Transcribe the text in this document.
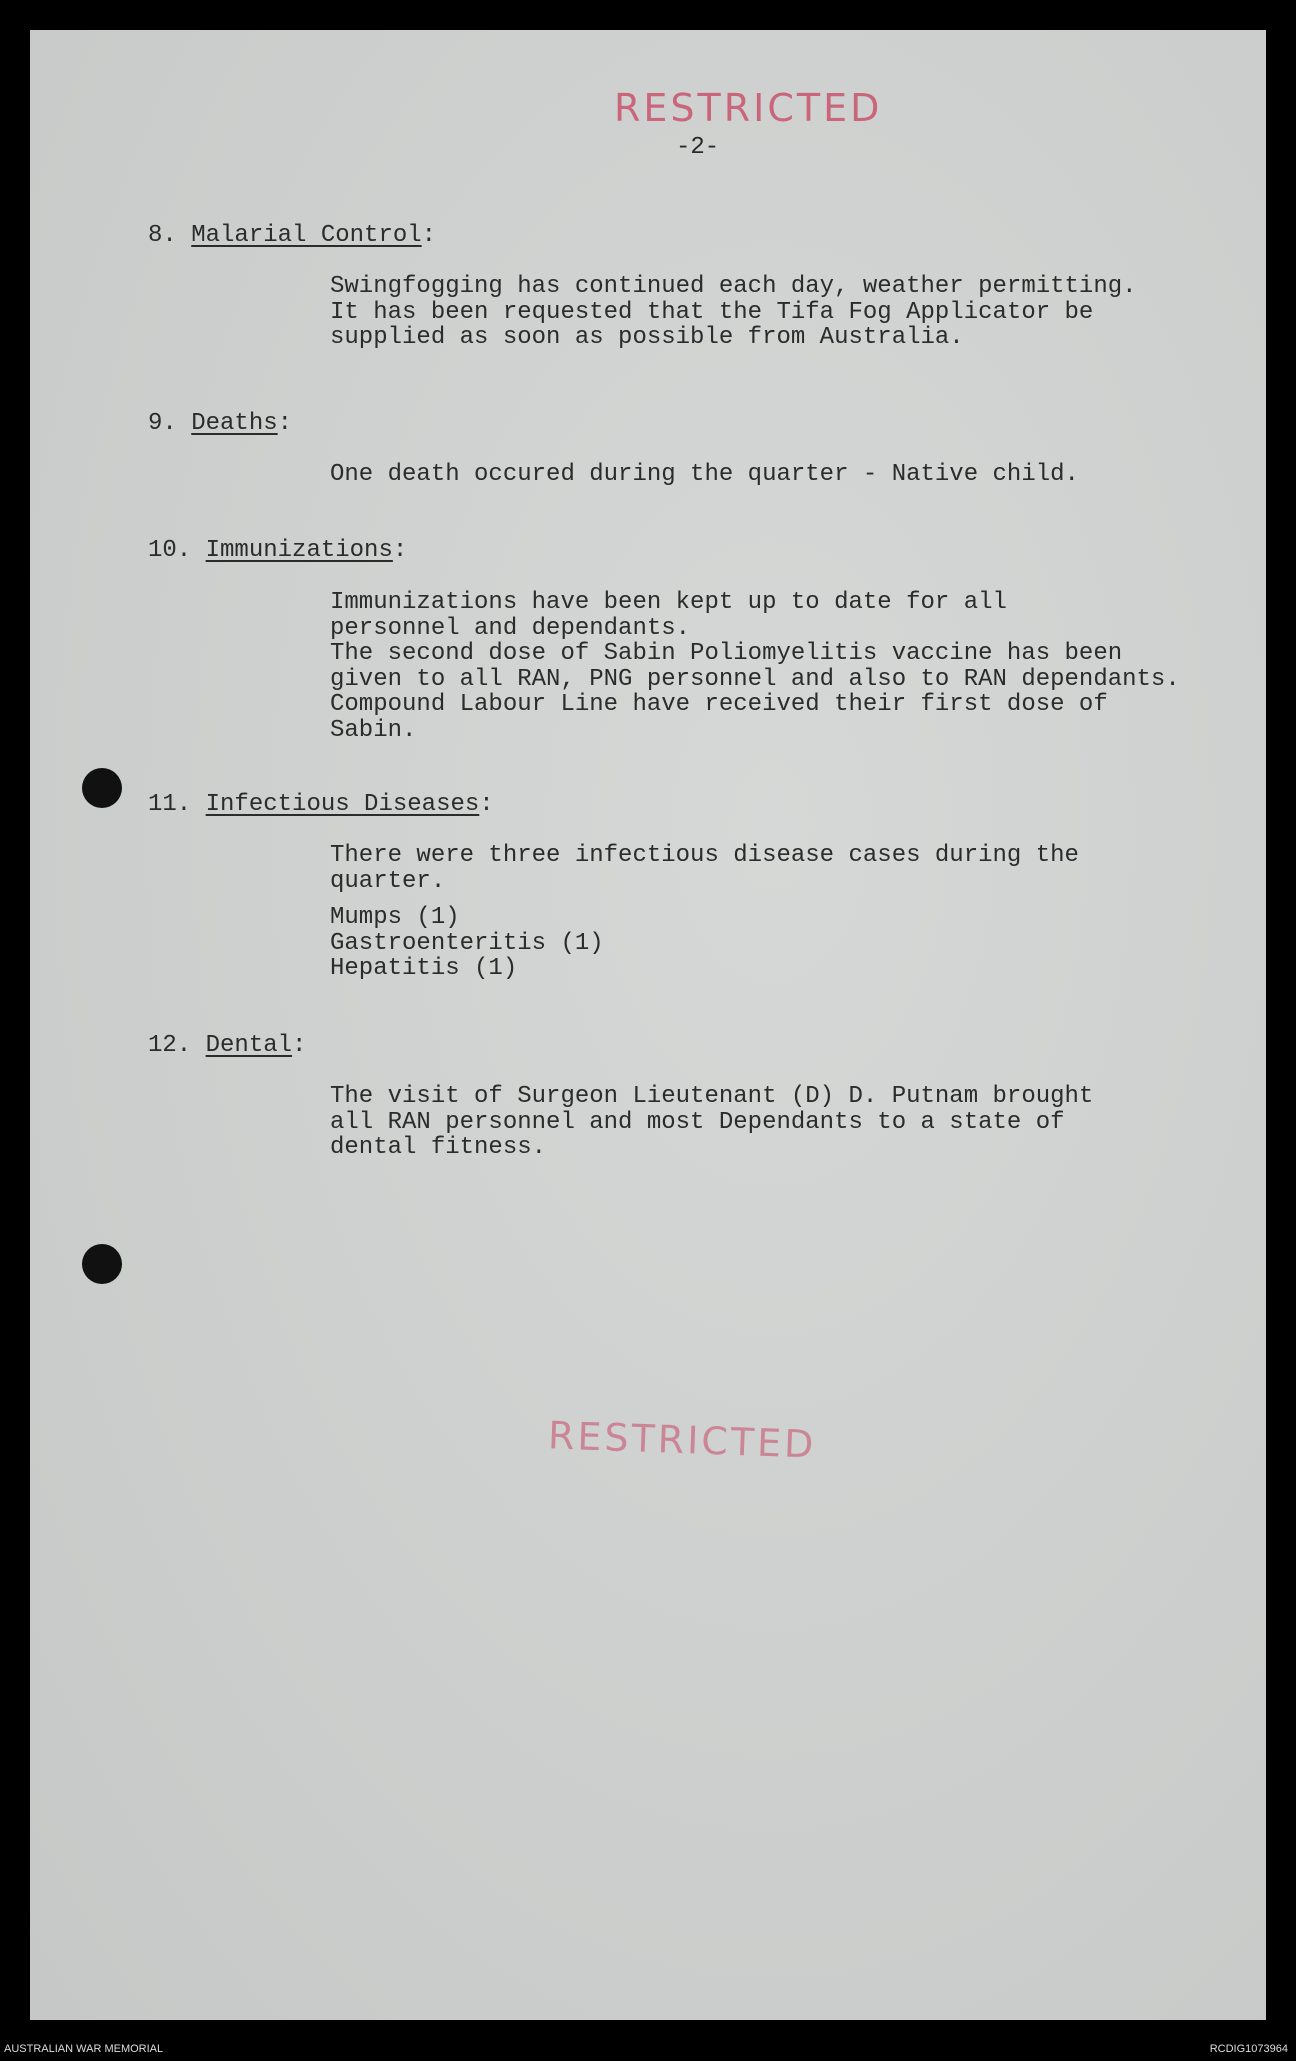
RESTRICTED
-2-
8. Malarial Control:
Swingfogging has continued each day, weather permitting.
It has been requested that the Tifa Fog Applicator be
supplied as soon as possible from Australia.
9. Deaths:
One death occured during the quarter - Native child.
10. Immunizations:
Immunizations have been kept up to date for all
personnel and dependants.
The second dose of Sabin Poliomyelitis vaccine has been
given to all RAN, PNG personnel and also to RAN dependants.
Compound Labour Line have received their first dose of
Sabin.
11. Infectious Diseases:
There were three infectious disease cases during the
quarter.
Mumps (1)
Gastroenteritis (1)
Hepatitis (1)
12. Dental:
The visit of Surgeon Lieutenant (D) D. Putnam brought
all RAN personnel and most Dependants to a state of
dental fitness.
RESTRICTED
AUSTRALIAN WAR MEMORIAL	RCDIG1073964
